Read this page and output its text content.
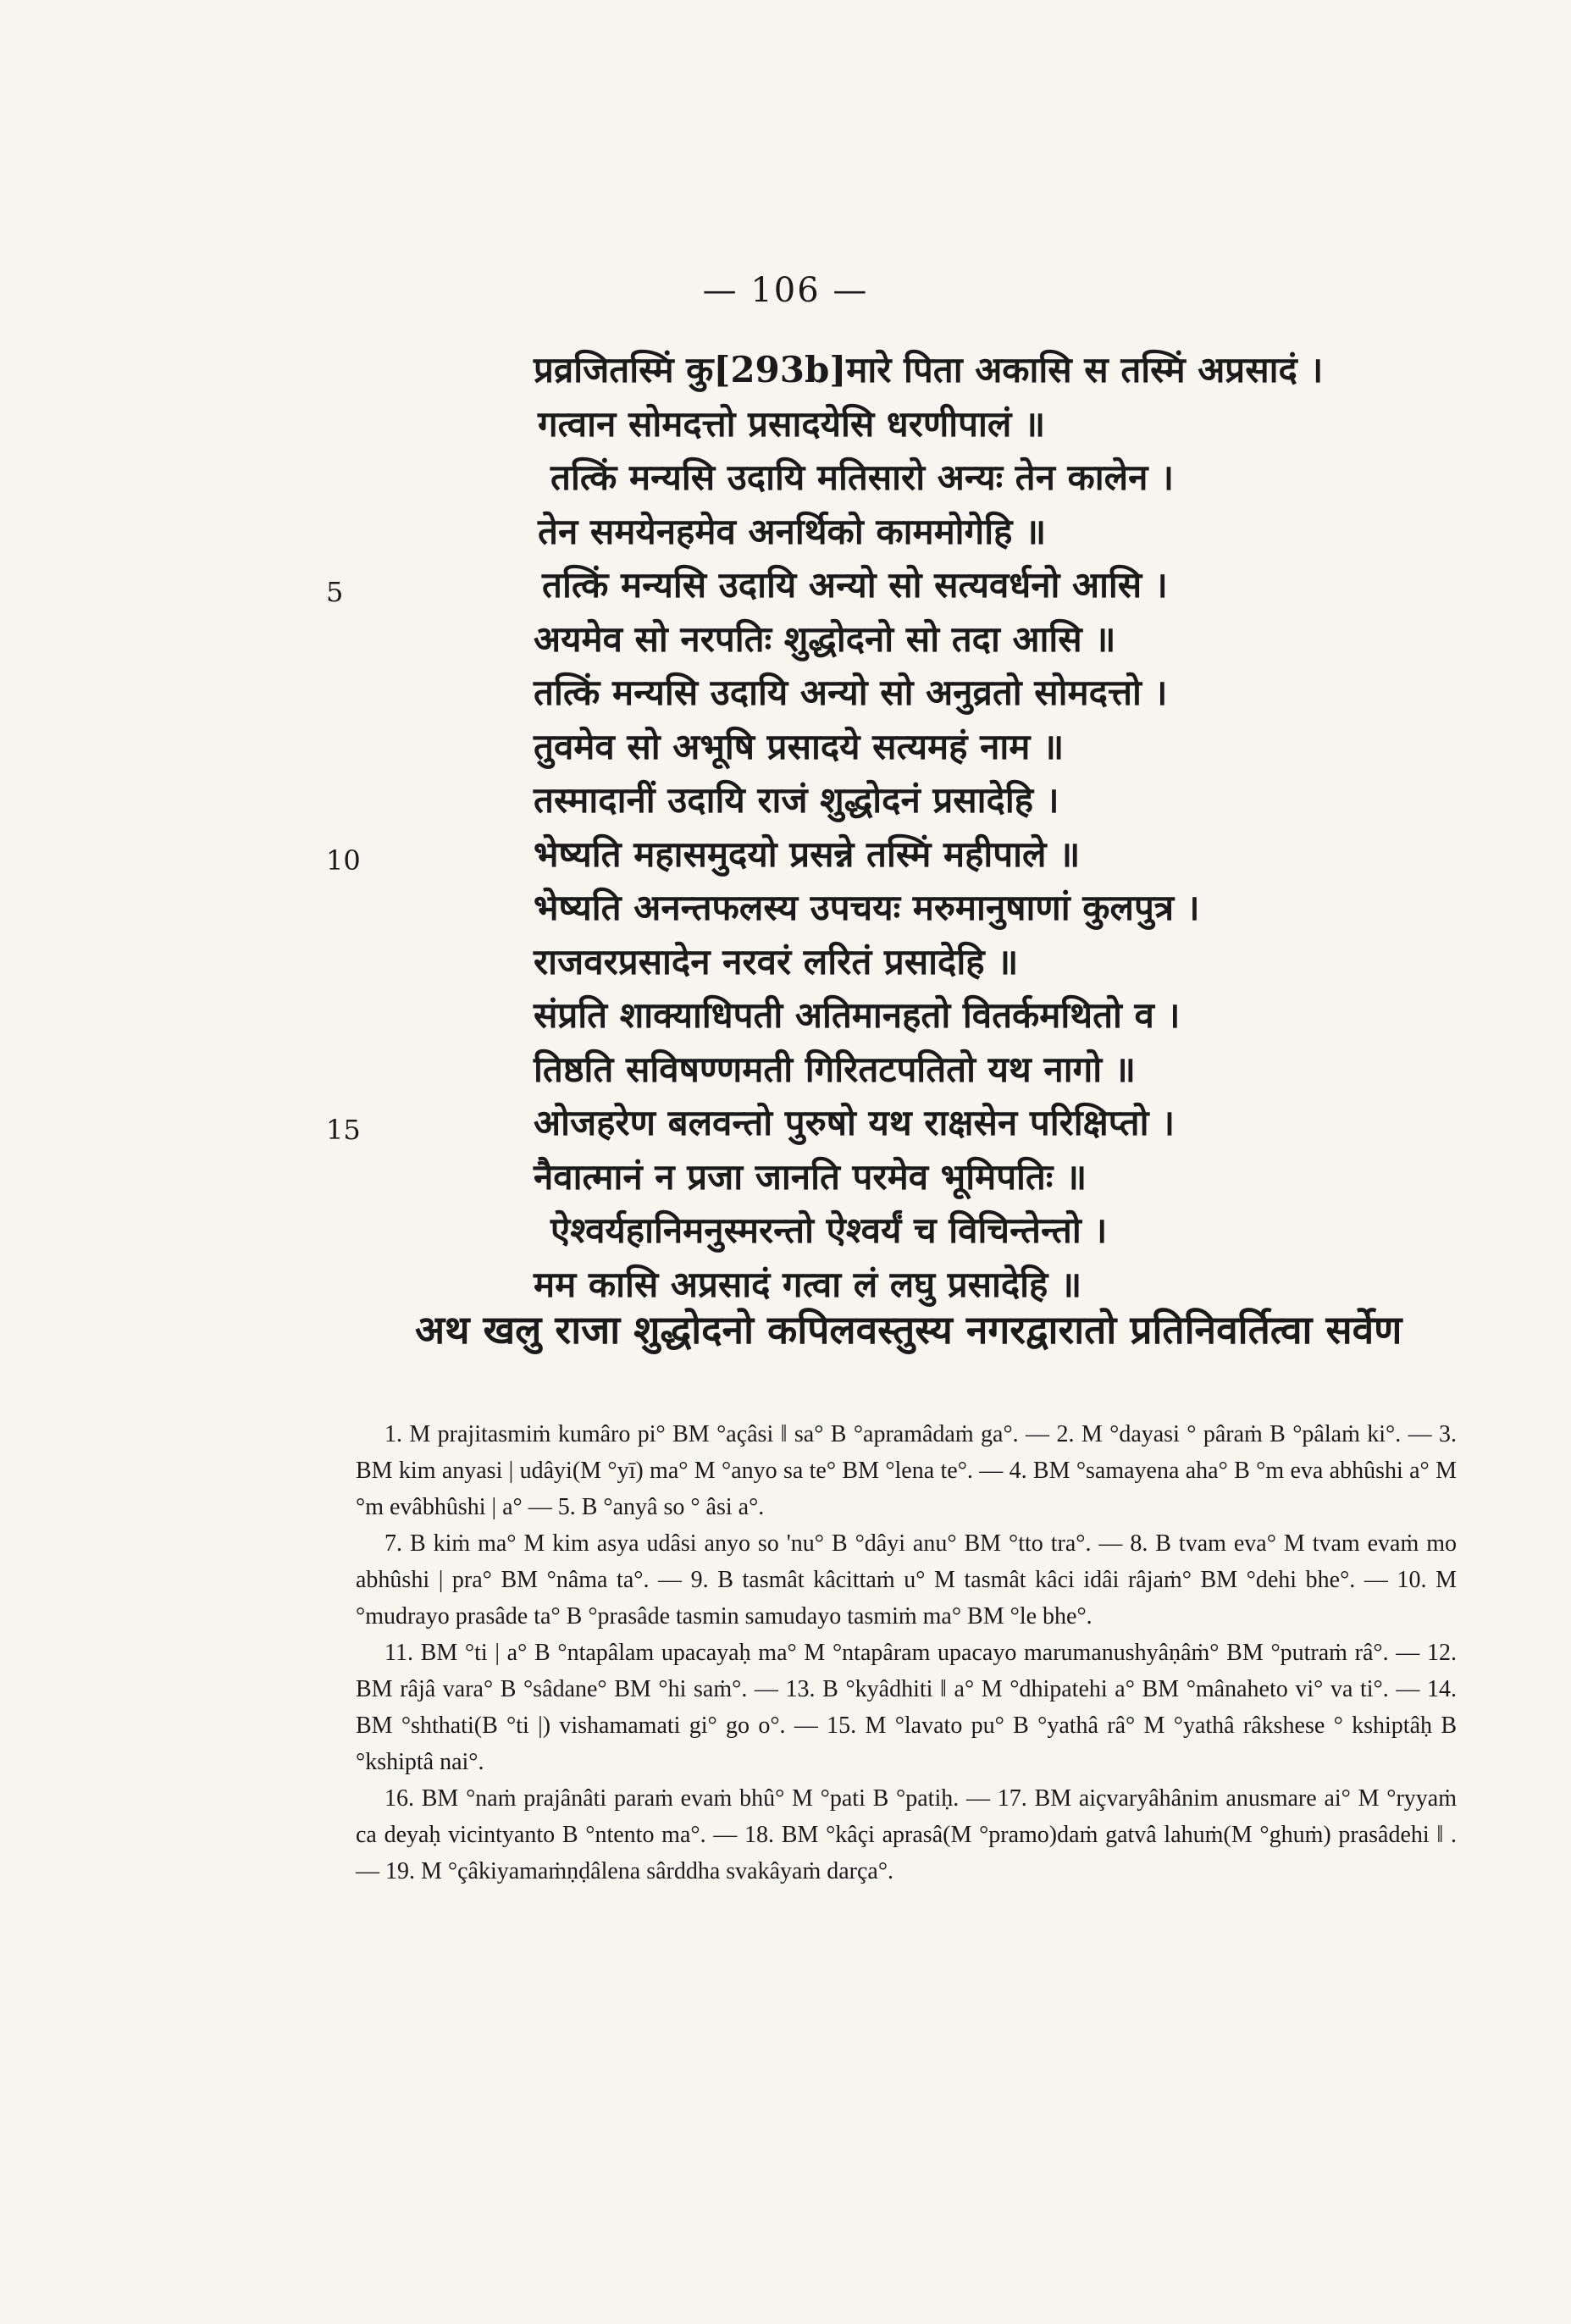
— 106 —
5
10
15
प्रव्रजितस्मिं कु[293b]मारे पिता अकासि स तस्मिं अप्रसादं ।
गत्वान सोमदत्तो प्रसादयेसि धरणीपालं ॥
तत्किं मन्यसि उदायि मतिसारो अन्यः तेन कालेन ।
तेन समयेनहमेव अनर्थिको काममोगेहि ॥
तत्किं मन्यसि उदायि अन्यो सो सत्यवर्धनो आसि ।
अयमेव सो नरपतिः शुद्धोदनो सो तदा आसि ॥
तत्किं मन्यसि उदायि अन्यो सो अनुव्रतो सोमदत्तो ।
तुवमेव सो अभूषि प्रसादये सत्यमहं नाम ॥
तस्मादानीं उदायि राजं शुद्धोदनं प्रसादेहि ।
भेष्यति महासमुदयो प्रसन्ने तस्मिं महीपाले ॥
भेष्यति अनन्तफलस्य उपचयः मरुमानुषाणां कुलपुत्र ।
राजवरप्रसादेन नरवरं लरितं प्रसादेहि ॥
संप्रति शाक्याधिपती अतिमानहतो वितर्कमथितो व ।
तिष्ठति सविषण्णमती गिरितटपतितो यथ नागो ॥
ओजहरेण बलवन्तो पुरुषो यथ राक्षसेन परिक्षिप्तो ।
नैवात्मानं न प्रजा जानति परमेव भूमिपतिः ॥
ऐश्वर्यहानिमनुस्मरन्तो ऐश्वर्यं च विचिन्तेन्तो ।
मम कासि अप्रसादं गत्वा लं लघु प्रसादेहि ॥
अथ खलु राजा शुद्धोदनो कपिलवस्तुस्य नगरद्वारातो प्रतिनिवर्तित्वा सर्वेण

1. M prajitasmiṁ kumâro pi° BM °açâsi ‖ sa° B °apramâdaṁ ga°. — 2. M °dayasi ° pâraṁ B °pâlaṁ ki°. — 3. BM kim anyasi | udâyi(M °yī) ma° M °anyo sa te° BM °lena te°. — 4. BM °samayena aha° B °m eva abhûshi a° M °m evâbhûshi | a° — 5. B °anyâ so ° âsi a°.

7. B kiṁ ma° M kim asya udâsi anyo so 'nu° B °dâyi anu° BM °tto tra°. — 8. B tvam eva° M tvam evaṁ mo abhûshi | pra° BM °nâma ta°. — 9. B tasmât kâcittaṁ u° M tasmât kâci idâi râjaṁ° BM °dehi bhe°. — 10. M °mudrayo prasâde ta° B °prasâde tasmin samudayo tasmiṁ ma° BM °le bhe°.

11. BM °ti | a° B °ntapâlam upacayaḥ ma° M °ntapâram upacayo marumanushyâṇâṁ° BM °putraṁ râ°. — 12. BM râjâ vara° B °sâdane° BM °hi saṁ°. — 13. B °kyâdhiti ‖ a° M °dhipatehi a° BM °mânaheto vi° va ti°. — 14. BM °shthati(B °ti |) vishamamati gi° go o°. — 15. M °lavato pu° B °yathâ râ° M °yathâ râkshese ° kshiptâḥ B °kshiptâ nai°.

16. BM °naṁ prajânâti paraṁ evaṁ bhû° M °pati B °patiḥ. — 17. BM aiçvaryâhânim anusmare ai° M °ryyaṁ ca deyaḥ vicintyanto B °ntento ma°. — 18. BM °kâçi aprasâ(M °pramo)daṁ gatvâ lahuṁ(M °ghuṁ) prasâdehi ‖ . — 19. M °çâkiyamaṁṇḍâlena sârddha svakâyaṁ darça°.
